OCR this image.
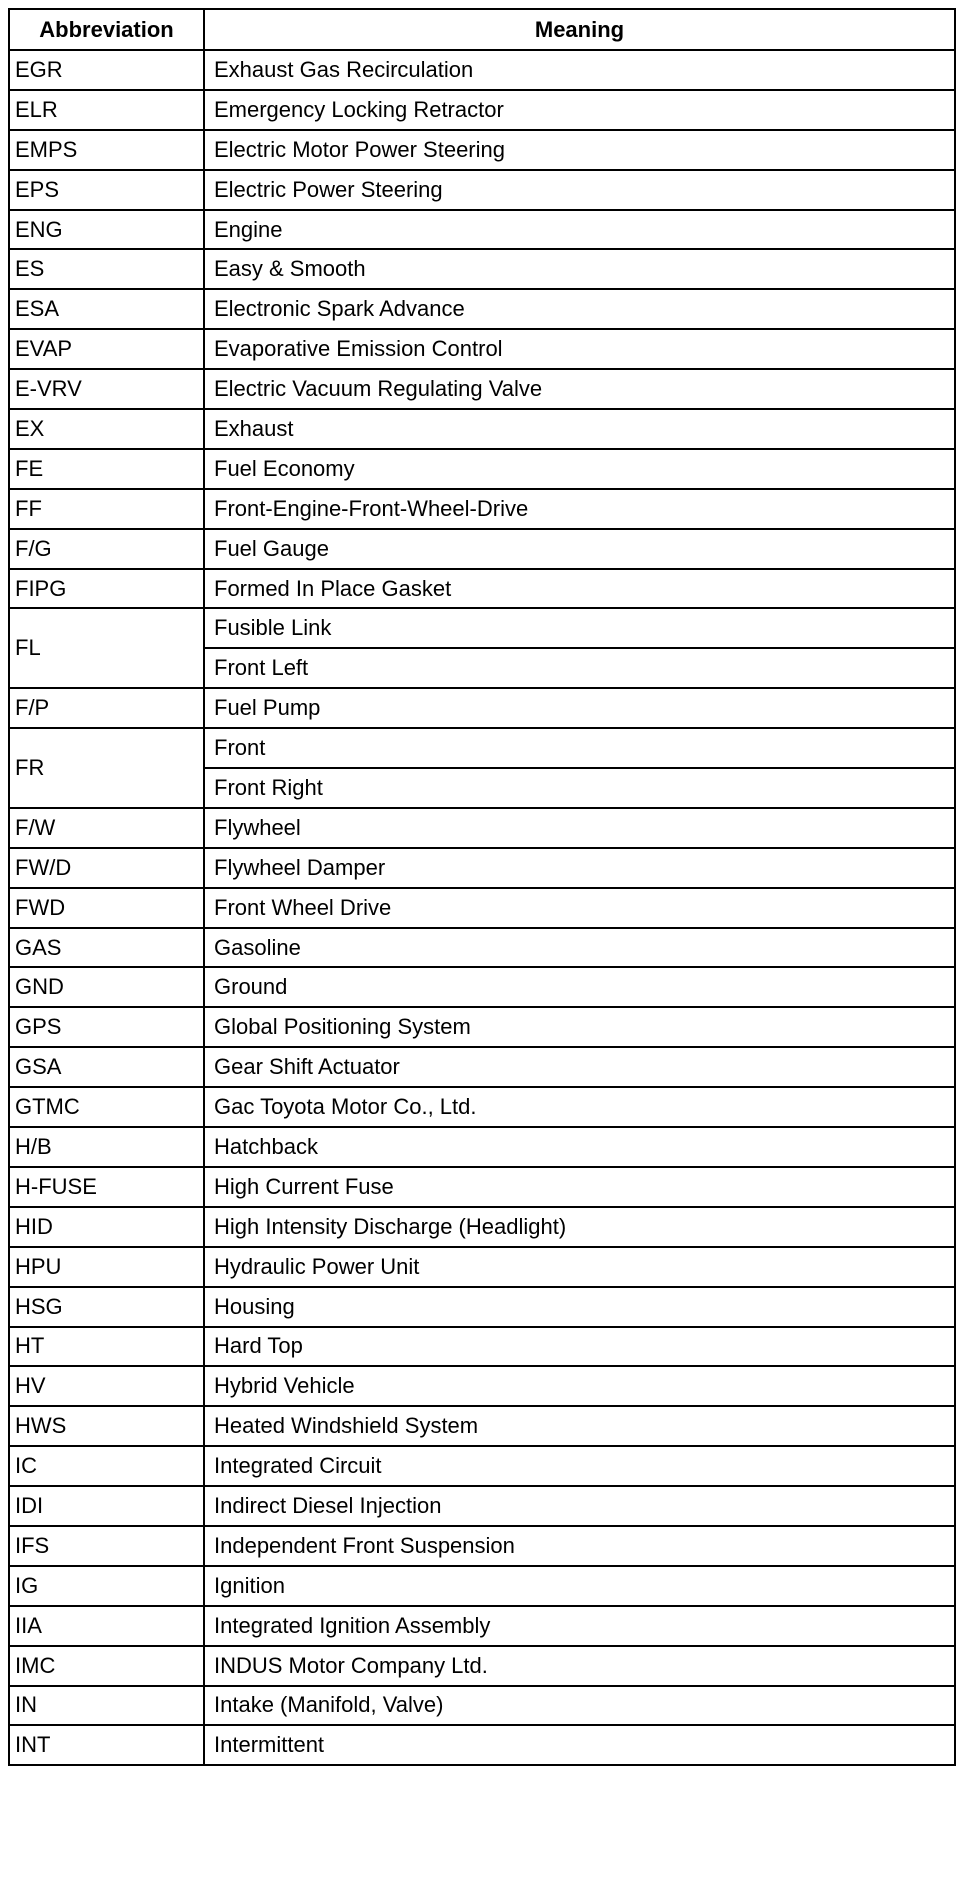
Abbreviation	Meaning
EGR	Exhaust Gas Recirculation
ELR	Emergency Locking Retractor
EMPS	Electric Motor Power Steering
EPS	Electric Power Steering
ENG	Engine
ES	Easy & Smooth
ESA	Electronic Spark Advance
EVAP	Evaporative Emission Control
E-VRV	Electric Vacuum Regulating Valve
EX	Exhaust
FE	Fuel Economy
FF	Front-Engine-Front-Wheel-Drive
F/G	Fuel Gauge
FIPG	Formed In Place Gasket
FL	Fusible Link
	Front Left
F/P	Fuel Pump
FR	Front
	Front Right
F/W	Flywheel
FW/D	Flywheel Damper
FWD	Front Wheel Drive
GAS	Gasoline
GND	Ground
GPS	Global Positioning System
GSA	Gear Shift Actuator
GTMC	Gac Toyota Motor Co., Ltd.
H/B	Hatchback
H-FUSE	High Current Fuse
HID	High Intensity Discharge (Headlight)
HPU	Hydraulic Power Unit
HSG	Housing
HT	Hard Top
HV	Hybrid Vehicle
HWS	Heated Windshield System
IC	Integrated Circuit
IDI	Indirect Diesel Injection
IFS	Independent Front Suspension
IG	Ignition
IIA	Integrated Ignition Assembly
IMC	INDUS Motor Company Ltd.
IN	Intake (Manifold, Valve)
INT	Intermittent
